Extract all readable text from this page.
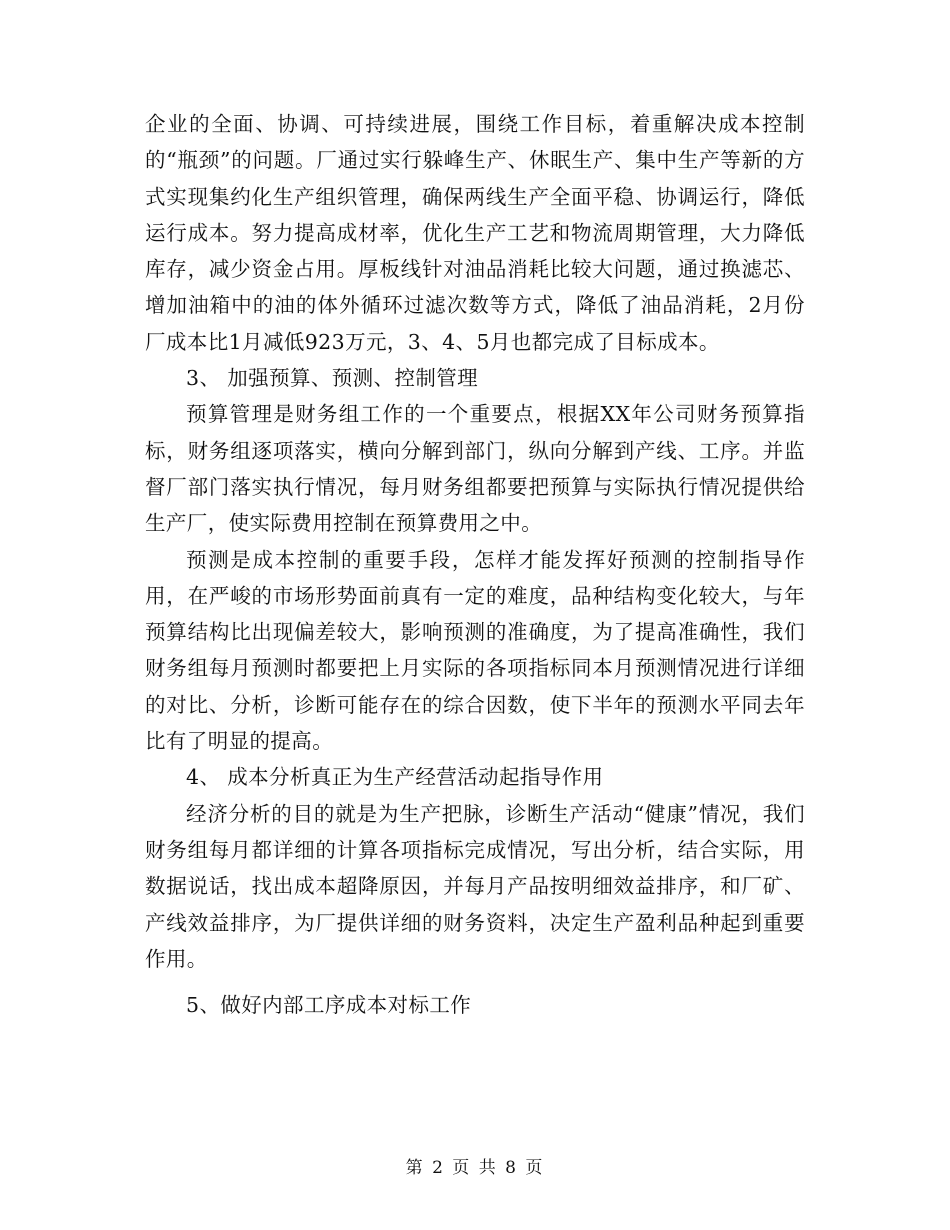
企业的全面、协调、可持续进展，围绕工作目标，着重解决成本控制的“瓶颈”的问题。厂通过实行躲峰生产、休眠生产、集中生产等新的方式实现集约化生产组织管理，确保两线生产全面平稳、协调运行，降低运行成本。努力提高成材率，优化生产工艺和物流周期管理，大力降低库存，减少资金占用。厚板线针对油品消耗比较大问题，通过换滤芯、增加油箱中的油的体外循环过滤次数等方式，降低了油品消耗，2月份厂成本比1月减低923万元，3、4、5月也都完成了目标成本。

3、 加强预算、预测、控制管理

预算管理是财务组工作的一个重要点，根据XX年公司财务预算指标，财务组逐项落实，横向分解到部门，纵向分解到产线、工序。并监督厂部门落实执行情况，每月财务组都要把预算与实际执行情况提供给生产厂，使实际费用控制在预算费用之中。

预测是成本控制的重要手段，怎样才能发挥好预测的控制指导作用，在严峻的市场形势面前真有一定的难度，品种结构变化较大，与年预算结构比出现偏差较大，影响预测的准确度，为了提高准确性，我们财务组每月预测时都要把上月实际的各项指标同本月预测情况进行详细的对比、分析，诊断可能存在的综合因数，使下半年的预测水平同去年比有了明显的提高。

4、 成本分析真正为生产经营活动起指导作用

经济分析的目的就是为生产把脉，诊断生产活动“健康”情况，我们财务组每月都详细的计算各项指标完成情况，写出分析，结合实际，用数据说话，找出成本超降原因，并每月产品按明细效益排序，和厂矿、产线效益排序，为厂提供详细的财务资料，决定生产盈利品种起到重要作用。

5、做好内部工序成本对标工作

第 2 页 共 8 页
